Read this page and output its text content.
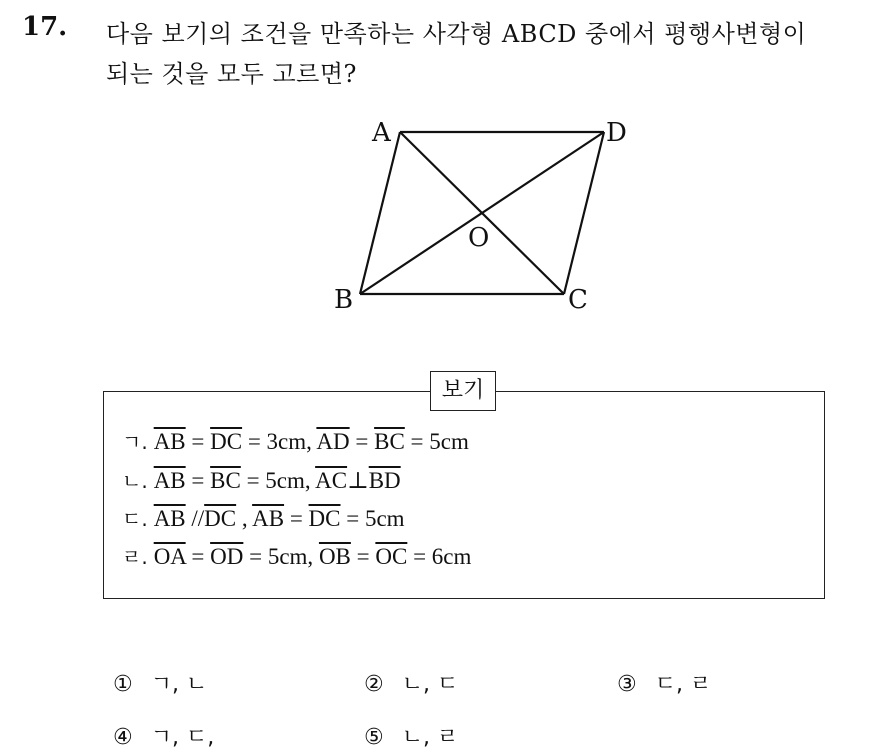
17. 다음 보기의 조건을 만족하는 사각형 ABCD 중에서 평행사변형이
되는 것을 모두 고르면?
A	D
B	C
O
보기
ㄱ. $\overline{AB} = \overline{DC} = 3cm$, $\overline{AD} = \overline{BC} = 5cm$
ㄴ. $\overline{AB} = \overline{BC} = 5cm$, $\overline{AC}\perp\overline{BD}$
ㄷ. $\overline{AB}$ $//\overline{DC}$ , $\overline{AB} = \overline{DC} = 5cm$
ㄹ. $\overline{OA} = \overline{OD} = 5cm$, $\overline{OB} = \overline{OC} = 6cm$
① ㄱ, ㄴ	② ㄴ, ㄷ	③ ㄷ, ㄹ
④ ㄱ, ㄷ,	⑤ ㄴ, ㄹ
